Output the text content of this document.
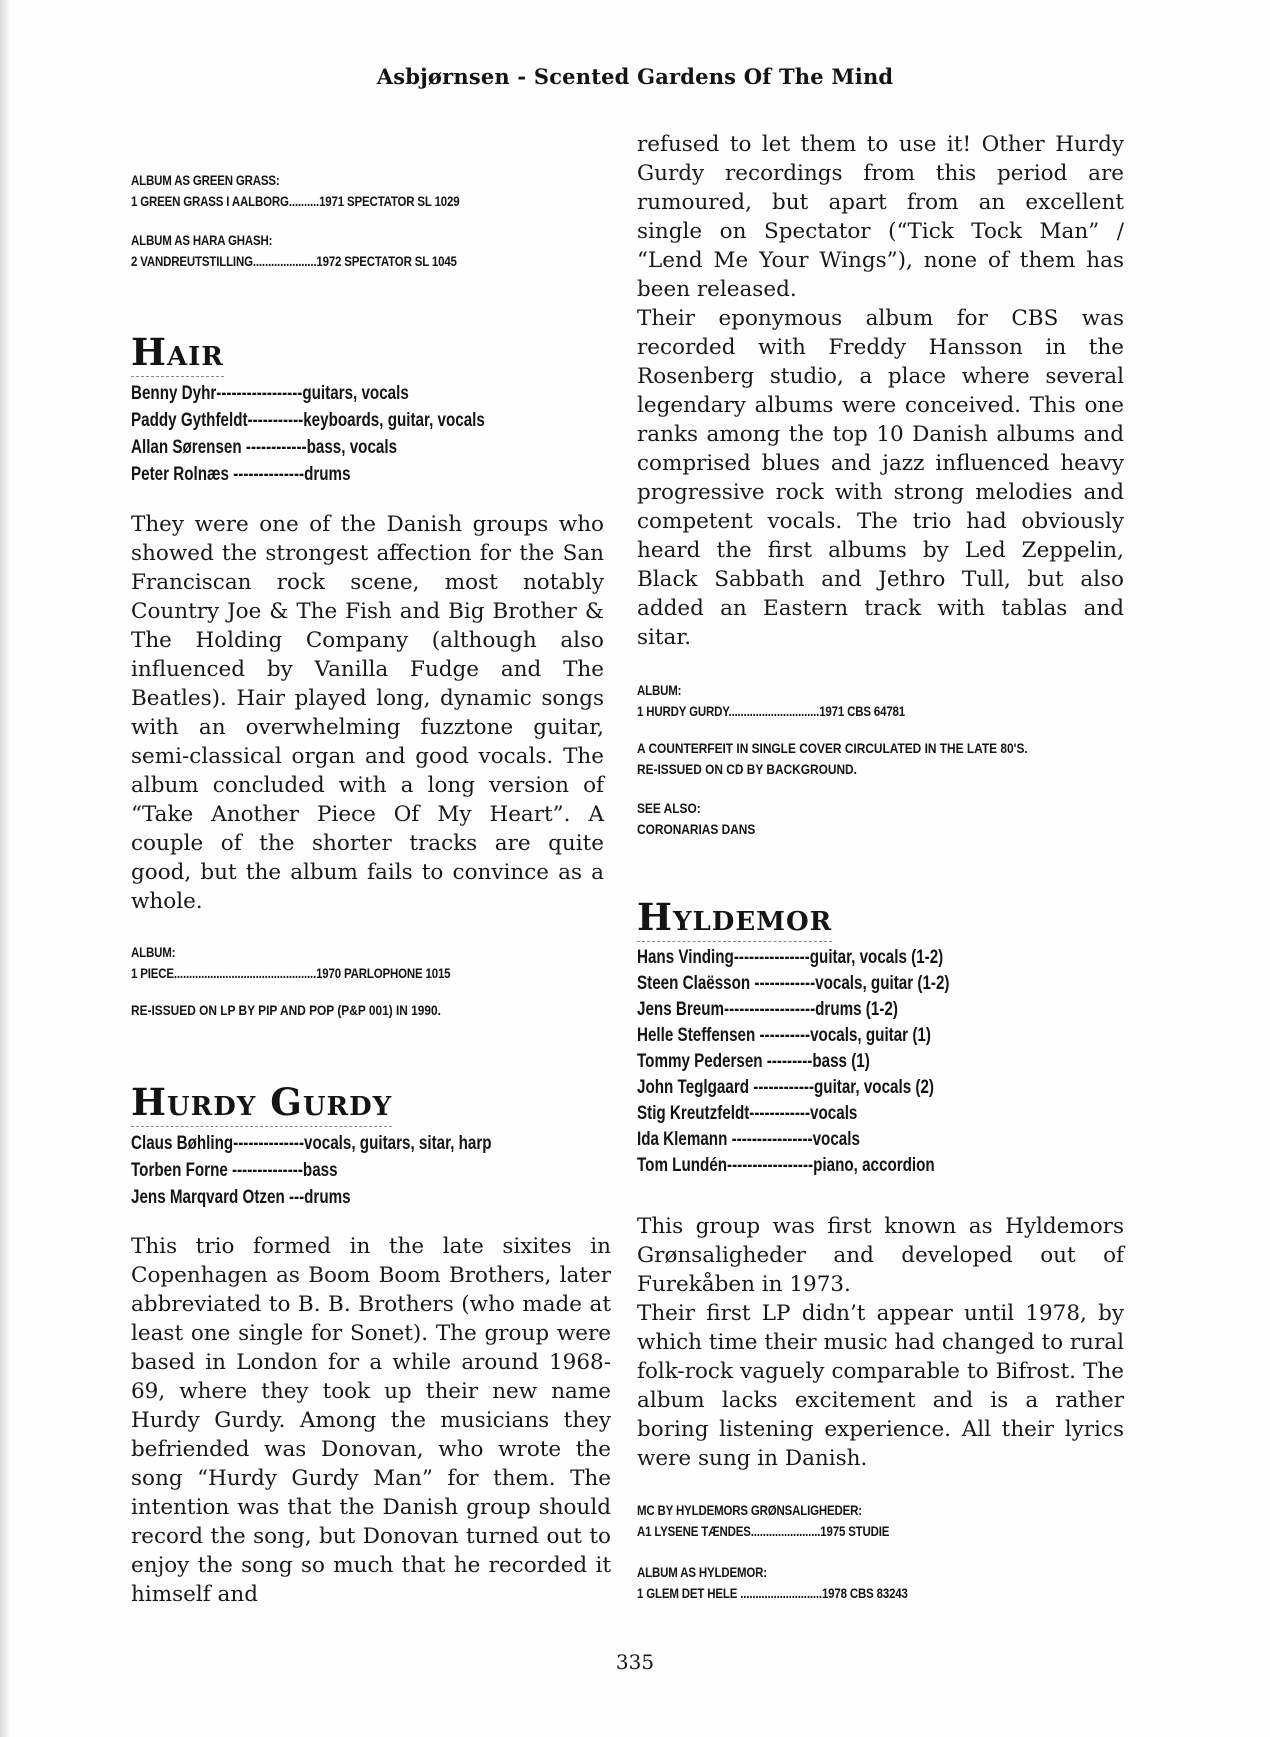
Asbjørnsen - Scented Gardens Of The Mind
ALBUM AS GREEN GRASS:
1 GREEN GRASS I AALBORG..........1971 SPECTATOR SL 1029
ALBUM AS HARA GHASH:
2 VANDREUTSTILLING.....................1972 SPECTATOR SL 1045
Hair
Benny Dyhr-----------------guitars, vocals
Paddy Gythfeldt-----------keyboards, guitar, vocals
Allan Sørensen ------------bass, vocals
Peter Rolnæs --------------drums
They were one of the Danish groups who showed the strongest affection for the San Franciscan rock scene, most notably Country Joe & The Fish and Big Brother & The Holding Company (although also influenced by Vanilla Fudge and The Beatles). Hair played long, dynamic songs with an overwhelming fuzztone guitar, semi-classical organ and good vocals. The album concluded with a long version of “Take Another Piece Of My Heart”. A couple of the shorter tracks are quite good, but the album fails to convince as a whole.
ALBUM:
1 PIECE...............................................1970 PARLOPHONE 1015
RE-ISSUED ON LP BY PIP AND POP (P&P 001) IN 1990.
Hurdy Gurdy
Claus Bøhling--------------vocals, guitars, sitar, harp
Torben Forne --------------bass
Jens Marqvard Otzen ---drums
This trio formed in the late sixites in Copenhagen as Boom Boom Brothers, later abbreviated to B. B. Brothers (who made at least one single for Sonet). The group were based in London for a while around 1968-69, where they took up their new name Hurdy Gurdy. Among the musicians they befriended was Donovan, who wrote the song “Hurdy Gurdy Man” for them. The intention was that the Danish group should record the song, but Donovan turned out to enjoy the song so much that he recorded it himself and
refused to let them to use it! Other Hurdy Gurdy recordings from this period are rumoured, but apart from an excellent single on Spectator (“Tick Tock Man” / “Lend Me Your Wings”), none of them has been released.
Their eponymous album for CBS was recorded with Freddy Hansson in the Rosenberg studio, a place where several legendary albums were conceived. This one ranks among the top 10 Danish albums and comprised blues and jazz influenced heavy progressive rock with strong melodies and competent vocals. The trio had obviously heard the first albums by Led Zeppelin, Black Sabbath and Jethro Tull, but also added an Eastern track with tablas and sitar.
ALBUM:
1 HURDY GURDY..............................1971 CBS 64781
A COUNTERFEIT IN SINGLE COVER CIRCULATED IN THE LATE 80'S.
RE-ISSUED ON CD BY BACKGROUND.
SEE ALSO:
CORONARIAS DANS
Hyldemor
Hans Vinding---------------guitar, vocals (1-2)
Steen Claësson ------------vocals, guitar (1-2)
Jens Breum------------------drums (1-2)
Helle Steffensen ----------vocals, guitar (1)
Tommy Pedersen ---------bass (1)
John Teglgaard ------------guitar, vocals (2)
Stig Kreutzfeldt------------vocals
Ida Klemann ----------------vocals
Tom Lundén-----------------piano, accordion
This group was first known as Hyldemors Grønsaligheder and developed out of Furekåben in 1973.
Their first LP didn’t appear until 1978, by which time their music had changed to rural folk-rock vaguely comparable to Bifrost. The album lacks excitement and is a rather boring listening experience. All their lyrics were sung in Danish.
MC BY HYLDEMORS GRØNSALIGHEDER:
A1 LYSENE TÆNDES.......................1975 STUDIE
ALBUM AS HYLDEMOR:
1 GLEM DET HELE ...........................1978 CBS 83243
335
